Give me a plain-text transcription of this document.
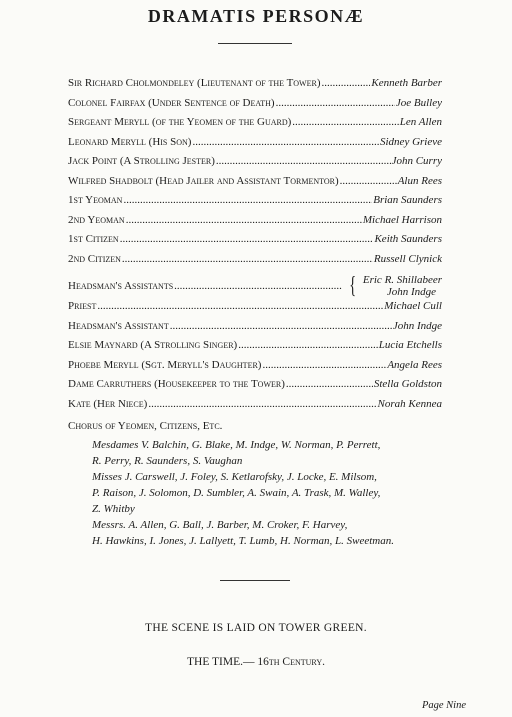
DRAMATIS PERSONÆ
Sir Richard Cholmondeley (Lieutenant of the Tower) .....	Kenneth Barber
Colonel Fairfax (Under Sentence of Death) .....	Joe Bulley
Sergeant Meryll (of the Yeomen of the Guard) .....	Len Allen
Leonard Meryll (His Son) .....	Sidney Grieve
Jack Point (A Strolling Jester) .....	John Curry
Wilfred Shadbolt (Head Jailer and Assistant Tormentor) .....	Alun Rees
1st Yeoman .....	Brian Saunders
2nd Yeoman .....	Michael Harrison
1st Citizen .....	Keith Saunders
2nd Citizen .....	Russell Clynick
Headsman's Assistants .....	{ Eric R. Shillabeer
John Indge
Priest .....	Michael Cull
Headsman's Assistant .....	John Indge
Elsie Maynard (A Strolling Singer) .....	Lucia Etchells
Phoebe Meryll (Sgt. Meryll's Daughter) .....	Angela Rees
Dame Carruthers (Housekeeper to the Tower) .....	Stella Goldston
Kate (Her Niece) .....	Norah Kennea
Chorus of Yeomen, Citizens, Etc.
Mesdames V. Balchin, G. Blake, M. Indge, W. Norman, P. Perrett,
R. Perry, R. Saunders, S. Vaughan
Misses J. Carswell, J. Foley, S. Ketlarofsky, J. Locke, E. Milsom,
P. Raison, J. Solomon, D. Sumbler, A. Swain, A. Trask, M. Walley,
Z. Whitby
Messrs. A. Allen, G. Ball, J. Barber, M. Croker, F. Harvey,
H. Hawkins, I. Jones, J. Lallyett, T. Lumb, H. Norman, L. Sweetman.
THE SCENE IS LAID ON TOWER GREEN.
THE TIME.— 16th Century.
Page Nine
